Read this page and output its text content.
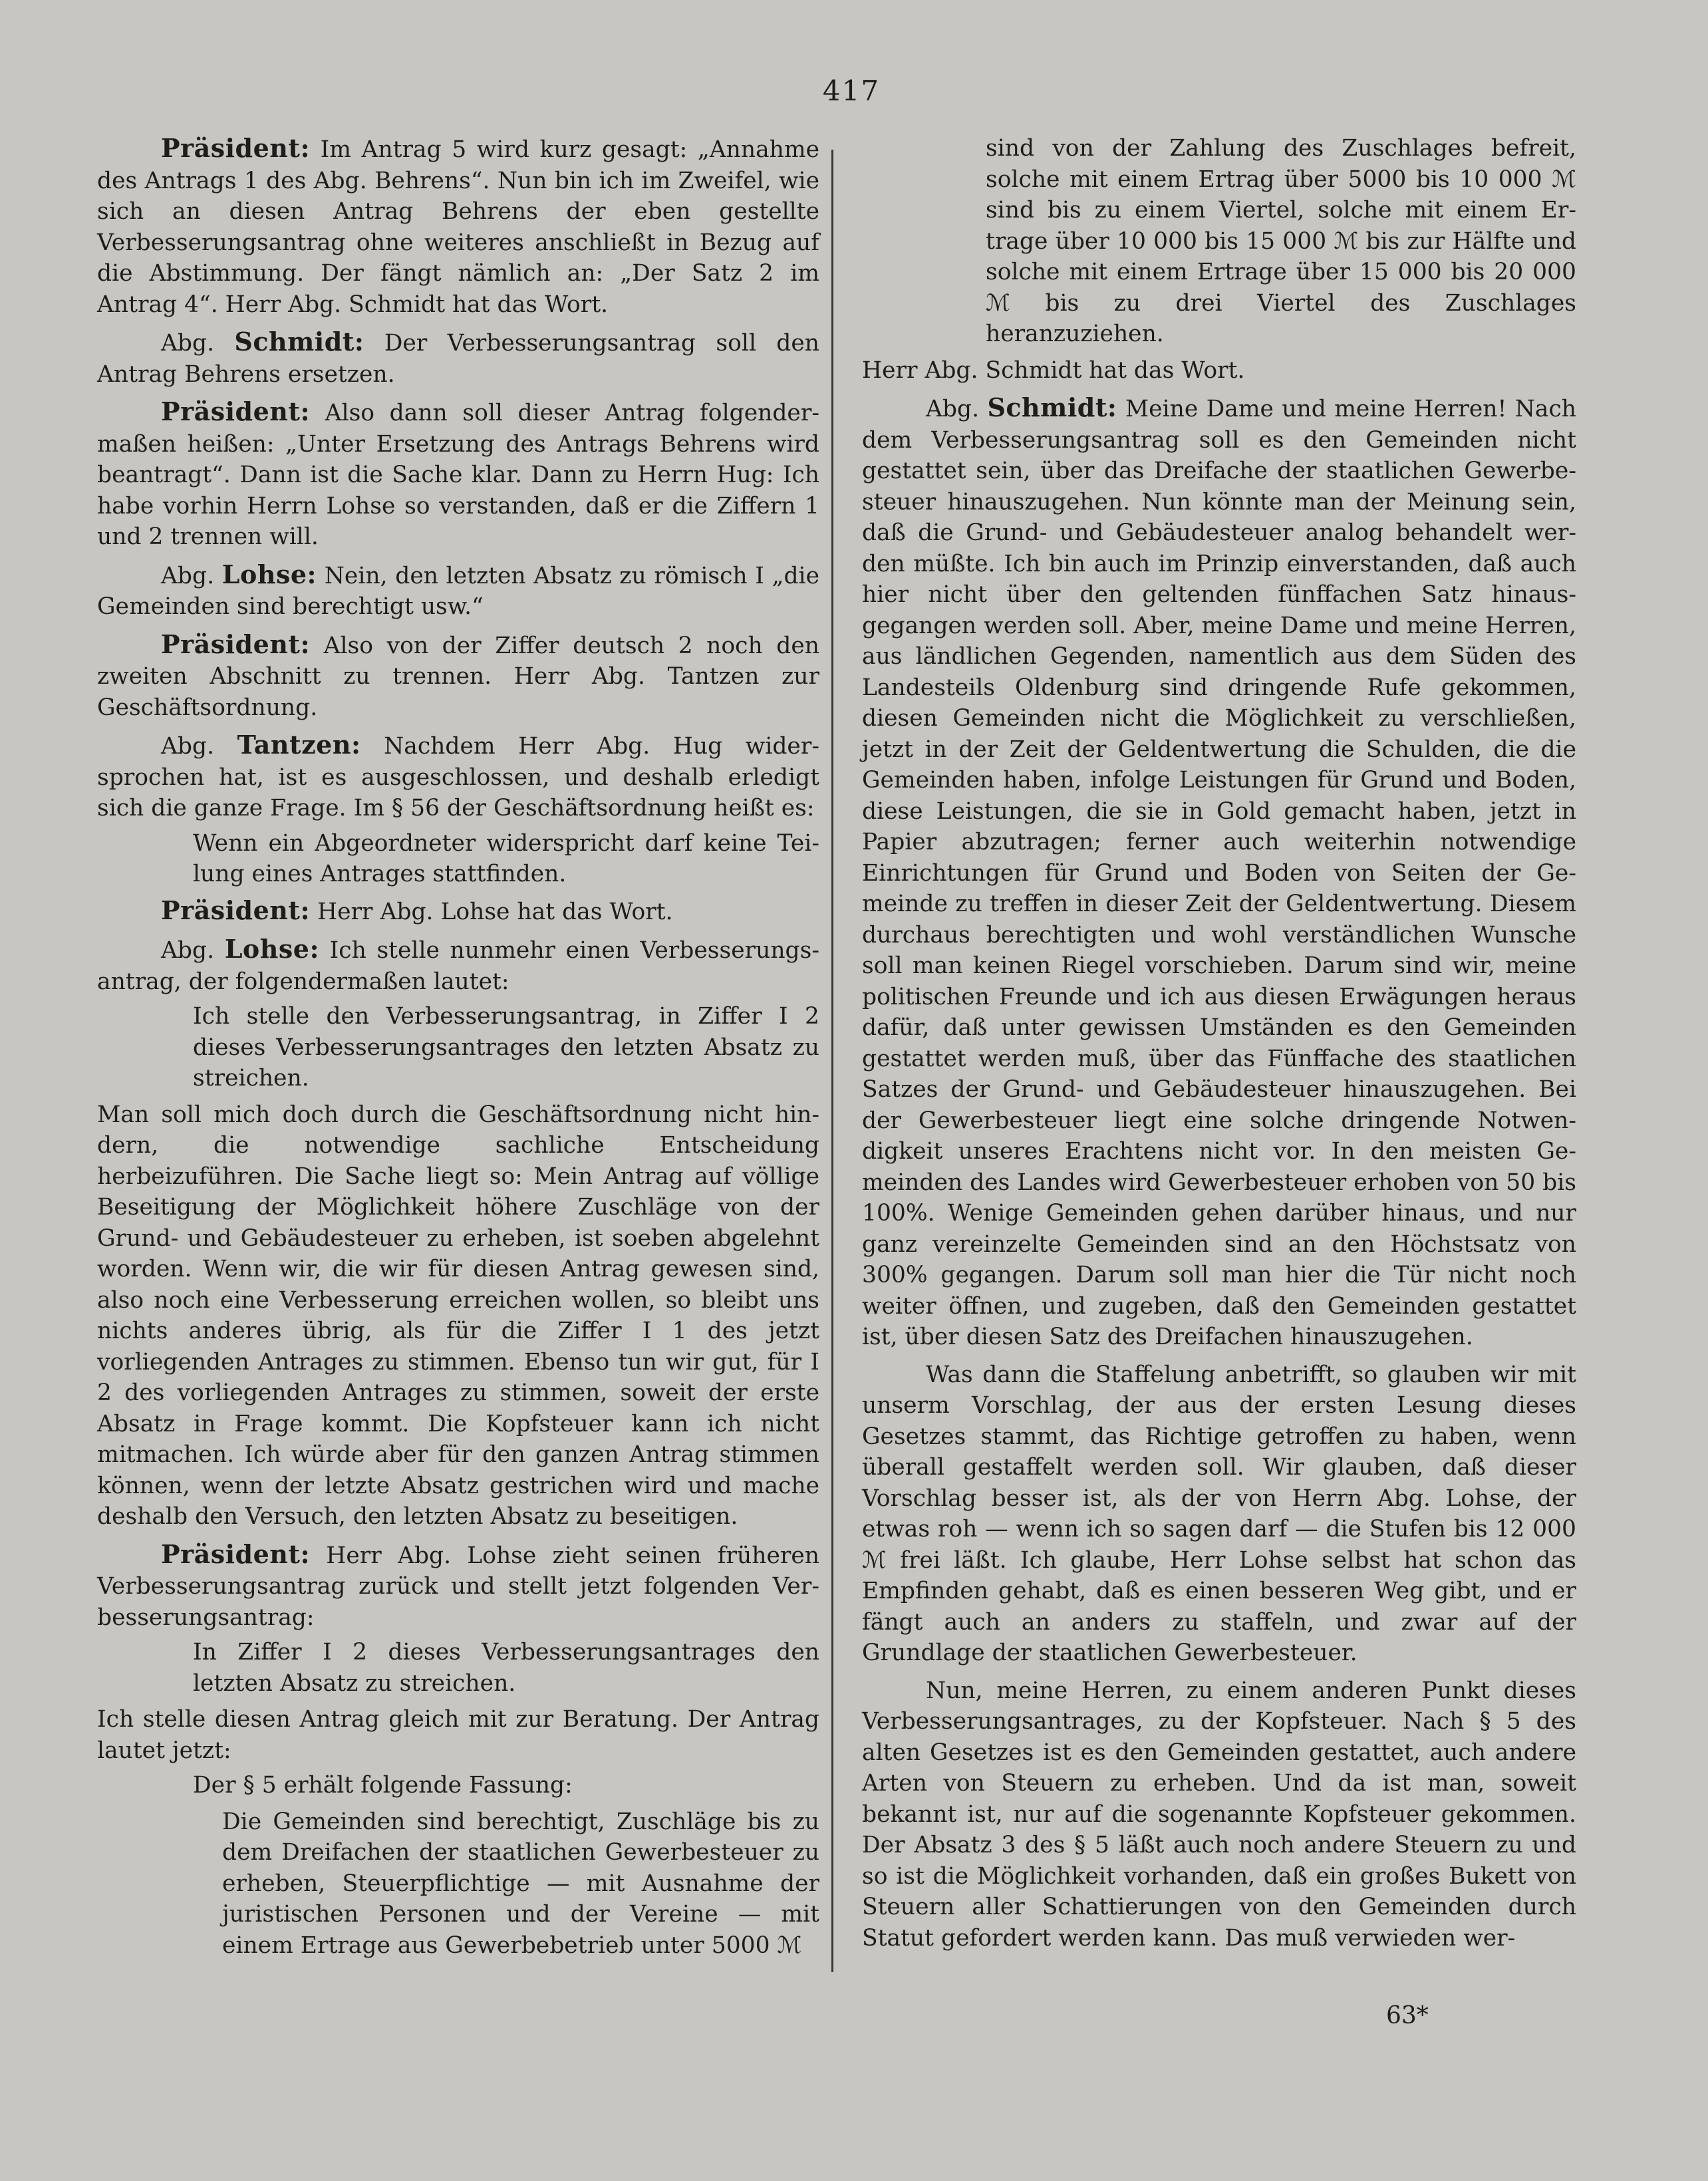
417

Präsident: Im Antrag 5 wird kurz gesagt: „Annahme des Antrags 1 des Abg. Behrens“. Nun bin ich im Zweifel, wie sich an diesen Antrag Behrens der eben gestellte Verbesserungsantrag ohne weiteres anschließt in Bezug auf die Abstimmung. Der fängt nämlich an: „Der Satz 2 im Antrag 4“. Herr Abg. Schmidt hat das Wort.

Abg. Schmidt: Der Verbesserungsantrag soll den Antrag Behrens ersetzen.

Präsident: Also dann soll dieser Antrag folgendermaßen heißen: „Unter Ersetzung des Antrags Behrens wird beantragt“. Dann ist die Sache klar. Dann zu Herrn Hug: Ich habe vorhin Herrn Lohse so verstanden, daß er die Ziffern 1 und 2 trennen will.

Abg. Lohse: Nein, den letzten Absatz zu römisch I „die Gemeinden sind berechtigt usw.“

Präsident: Also von der Ziffer deutsch 2 noch den zweiten Abschnitt zu trennen. Herr Abg. Tantzen zur Geschäftsordnung.

Abg. Tantzen: Nachdem Herr Abg. Hug widersprochen hat, ist es ausgeschlossen, und deshalb erledigt sich die ganze Frage. Im § 56 der Geschäftsordnung heißt es:

Wenn ein Abgeordneter widerspricht darf keine Teilung eines Antrages stattfinden.

Präsident: Herr Abg. Lohse hat das Wort.

Abg. Lohse: Ich stelle nunmehr einen Verbesserungsantrag, der folgendermaßen lautet:

Ich stelle den Verbesserungsantrag, in Ziffer I 2 dieses Verbesserungsantrages den letzten Absatz zu streichen.

Man soll mich doch durch die Geschäftsordnung nicht hindern, die notwendige sachliche Entscheidung herbeizuführen. Die Sache liegt so: Mein Antrag auf völlige Beseitigung der Möglichkeit höhere Zuschläge von der Grund- und Gebäudesteuer zu erheben, ist soeben abgelehnt worden. Wenn wir, die wir für diesen Antrag gewesen sind, also noch eine Verbesserung erreichen wollen, so bleibt uns nichts anderes übrig, als für die Ziffer I 1 des jetzt vorliegenden Antrages zu stimmen. Ebenso tun wir gut, für I 2 des vorliegenden Antrages zu stimmen, soweit der erste Absatz in Frage kommt. Die Kopfsteuer kann ich nicht mitmachen. Ich würde aber für den ganzen Antrag stimmen können, wenn der letzte Absatz gestrichen wird und mache deshalb den Versuch, den letzten Absatz zu beseitigen.

Präsident: Herr Abg. Lohse zieht seinen früheren Verbesserungsantrag zurück und stellt jetzt folgenden Verbesserungsantrag:

In Ziffer I 2 dieses Verbesserungsantrages den letzten Absatz zu streichen.

Ich stelle diesen Antrag gleich mit zur Beratung. Der Antrag lautet jetzt:

Der § 5 erhält folgende Fassung:

Die Gemeinden sind berechtigt, Zuschläge bis zu dem Dreifachen der staatlichen Gewerbesteuer zu erheben, Steuerpflichtige — mit Ausnahme der juristischen Personen und der Vereine — mit einem Ertrage aus Gewerbebetrieb unter 5000 ℳ

sind von der Zahlung des Zuschlages befreit, solche mit einem Ertrag über 5000 bis 10 000 ℳ sind bis zu einem Viertel, solche mit einem Ertrage über 10 000 bis 15 000 ℳ bis zur Hälfte und solche mit einem Ertrage über 15 000 bis 20 000 ℳ bis zu drei Viertel des Zuschlages heranzuziehen.

Herr Abg. Schmidt hat das Wort.

Abg. Schmidt: Meine Dame und meine Herren! Nach dem Verbesserungsantrag soll es den Gemeinden nicht gestattet sein, über das Dreifache der staatlichen Gewerbesteuer hinauszugehen. Nun könnte man der Meinung sein, daß die Grund- und Gebäudesteuer analog behandelt werden müßte. Ich bin auch im Prinzip einverstanden, daß auch hier nicht über den geltenden fünffachen Satz hinausgegangen werden soll. Aber, meine Dame und meine Herren, aus ländlichen Gegenden, namentlich aus dem Süden des Landesteils Oldenburg sind dringende Rufe gekommen, diesen Gemeinden nicht die Möglichkeit zu verschließen, jetzt in der Zeit der Geldentwertung die Schulden, die die Gemeinden haben, infolge Leistungen für Grund und Boden, diese Leistungen, die sie in Gold gemacht haben, jetzt in Papier abzutragen; ferner auch weiterhin notwendige Einrichtungen für Grund und Boden von Seiten der Gemeinde zu treffen in dieser Zeit der Geldentwertung. Diesem durchaus berechtigten und wohl verständlichen Wunsche soll man keinen Riegel vorschieben. Darum sind wir, meine politischen Freunde und ich aus diesen Erwägungen heraus dafür, daß unter gewissen Umständen es den Gemeinden gestattet werden muß, über das Fünffache des staatlichen Satzes der Grund- und Gebäudesteuer hinauszugehen. Bei der Gewerbesteuer liegt eine solche dringende Notwendigkeit unseres Erachtens nicht vor. In den meisten Gemeinden des Landes wird Gewerbesteuer erhoben von 50 bis 100%. Wenige Gemeinden gehen darüber hinaus, und nur ganz vereinzelte Gemeinden sind an den Höchstsatz von 300% gegangen. Darum soll man hier die Tür nicht noch weiter öffnen, und zugeben, daß den Gemeinden gestattet ist, über diesen Satz des Dreifachen hinauszugehen.

Was dann die Staffelung anbetrifft, so glauben wir mit unserm Vorschlag, der aus der ersten Lesung dieses Gesetzes stammt, das Richtige getroffen zu haben, wenn überall gestaffelt werden soll. Wir glauben, daß dieser Vorschlag besser ist, als der von Herrn Abg. Lohse, der etwas roh — wenn ich so sagen darf — die Stufen bis 12 000 ℳ frei läßt. Ich glaube, Herr Lohse selbst hat schon das Empfinden gehabt, daß es einen besseren Weg gibt, und er fängt auch an anders zu staffeln, und zwar auf der Grundlage der staatlichen Gewerbesteuer.

Nun, meine Herren, zu einem anderen Punkt dieses Verbesserungsantrages, zu der Kopfsteuer. Nach § 5 des alten Gesetzes ist es den Gemeinden gestattet, auch andere Arten von Steuern zu erheben. Und da ist man, soweit bekannt ist, nur auf die sogenannte Kopfsteuer gekommen. Der Absatz 3 des § 5 läßt auch noch andere Steuern zu und so ist die Möglichkeit vorhanden, daß ein großes Bukett von Steuern aller Schattierungen von den Gemeinden durch Statut gefordert werden kann. Das muß verwieden wer-

63*
